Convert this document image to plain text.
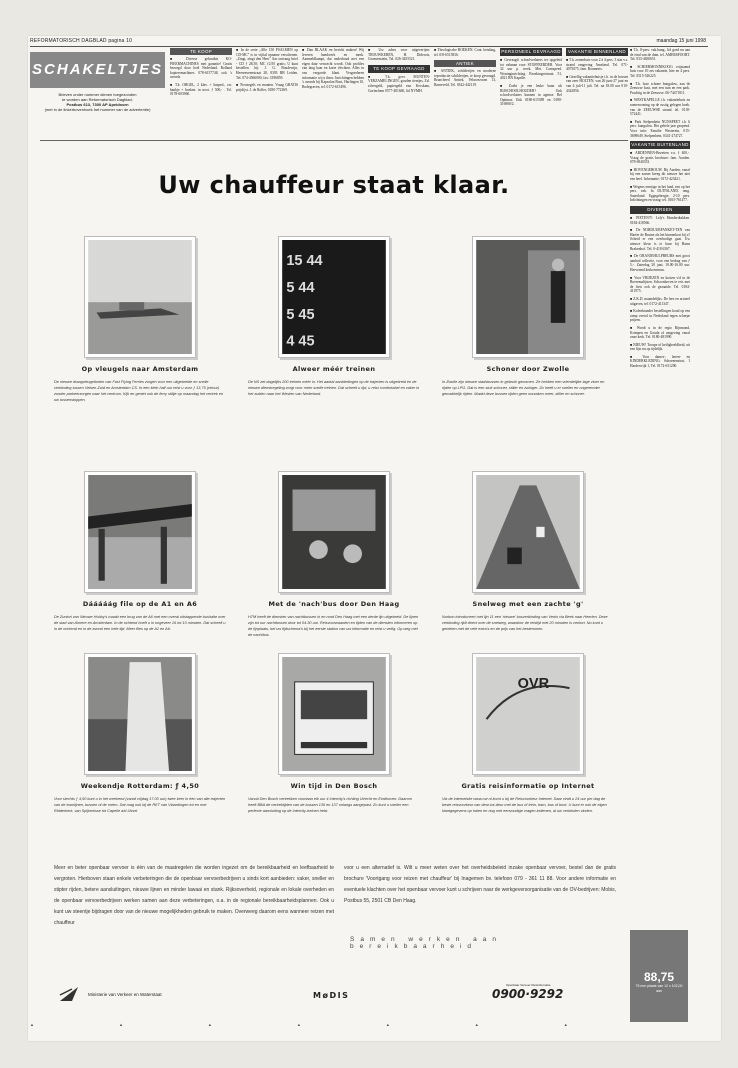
REFORMATORISCH DAGBLAD pagina 10	maandag 15 juni 1998
SCHAKELTJES
Brieven onder nummer dienen toegezonden
te worden aan Reformatorisch Dagblad,
Postbus 613, 7300 AP Apeldoorn
(met in de linkerbovenhoek het nummer van de advertentie)
TE KOOP
■ Diverse gebruikte KO-PIEERMACHINES met garantie! Gratis bezorgd door heel Nederland. Rolland kopieermachines. 078-6157748, ook 's avonds.
■ T.k. ORGEL, 2 klav. + basped., zw. bankje + boeken. in noot. ƒ 500,- . Tel. 0178-603960.
■ In de serie „Alle 150 PSALMEN op CD-MC" is in vijftal opname verschenen. „Zingt, zingt den Heer" Aar ontvang brief - CD ƒ 28,50; MC ƒ2,95 gratis; U kunt bestellen bij: J. G. Boudewijn, Heerenveenstraat 28, 8393 RB Leiden. Tel. 074-4566000, fax: 3196859.
■ Postzegels en munten. Vraag GRATIS prijslijst. J. de Roller, 0180-772369.
■ Dan BLAAK en bericht maken! Wij leveren handwerk en merk. Aanmeldkampt, dat onderhoud met een eigen daar verwacht wordt. Ook profiles van lang haar en korte vlechten. Alles in ons vergoede klant. Vergoederen informatie wij u theor. Inrichtingen hebben 's avonds bij Kapsalon Boot, Harlingen 10, Bodegraven, tel. 0172-615496.
■ Uw adres voor uitgeverijen: TROUWKEREN, H. Diderots, Groenenstein, Tel. 026-3455521.
TE KOOP GEVRAAGD
■ T.k. gevr. MUNTEN-VERZAMELINGEN, gouden tientjes, Zsl. zilvergeld, papiergeld enz. Kecskam, Gorinchem 0577-401660, lid NVMH.
■ Theologische BOEKEN. Cont. betaling, tel. 0/8-6515836.
ANTIEK
■ ANTIEK, schilderijen en moderne reproductie schilderijen, te koop gevraagd. Bruncheed Antiek, Veluwezoom 13, Barneveld, Tel. 0342-442119.
PERSONEEL GEVRAAGD
■ Gevraagd: schoolverlaters ter opgeleid tot vakman voor STOFFEERDER. Voor 32 uur p. week. Met. Comspeed. Woninginrichting Broekingsestraat 51, 4021 BN Kapelle.
■ Zoekt je een leuke baan als RIJSCHOOLHOUDER? Ook schoolverlaters kunnen in agenoe. Bel Optimax Uitk 0180-615389 en 0180-316980/2.
VAKANTIE BINNENLAND
■ T.h. zomerhuis voor 2 à 4 pers. 3 stin v.s. strand omgeving Ameland. Tel. 071-4075075, fam. Roumerts.
■ Gezellig vakantiehuisje t.h. in de bossen van zeer HOLTEN, van 26 juni-27 juni en van 4 juli-11 juli. Tel. na 18.00 uur 010-4342856.
■ T.h. 8-pers. vak.bung., lid goed nu aan de eind van de duin. tel. AMERSFOORT. Tel. 033-4650651.
■ SCHIERMONNIKOOG vrijstaand huis voor 10 zes vakantie, hier en 4 pers. Tel. 0515-526225.
■ T.h. luxe schone bungalow, aan de Zeeuwse kust, met een tuin en een park. Prachtig in de Zeeuwse. 06-74471811.
■ WESTKAPELLE t.h. vakantiehuis en zomerwoning op de rustig gelegen hoek. van de ZEEUWSE strand. tel. 0118-572441.
■ Park Stelpenhein NUNSPEET t.h. 6 pers. bungalow. Het gehele jaar geopend. Voor info: Familie Westerein, 015-3698649, Stelpenhein, 0341-274727.
VAKANTIE BUITENLAND
■ ARDENNEN-Bezetten v.a. ƒ 400,-. Vraag de gratis brochure: fam. Aarden. 078-6940353.
■ BOVENGEBOUW. Bij Aarden, vanaf bij een zomer kreeg dit nieuwe het niet een heel. Informatie: 0172-423421.
■ Wegens ernstige in het land, een op het pers. vak. In DUITSLAND, omg. Sauerland. Eggegebergte, 2-10 pers. Inlichtingen en vraag: tel. 0165-761477.
DIVERSEN
■ PIETEN!!!: Lely's Honderdtakken. 0184-418566.
■ De NORDUURFANKET-TEN van Harfer de Bruine als het binnenkort bij u? Scheid er een overbodige gaat. Uw nieuwe kleur is te huur bij Harm Brakenhof. Tel. 0-418 6567.
■ De ORANJEHULPBEURS met groot aanbod collectie, voor een bedrag van ƒ 5,-. Zaterdag 20 juni, 10.00-16.00 uur. Hervormd kerkcentrum.
■ Voor VRIJEZEN en kosten v/d in de Boeremalijsten. Schoonhoven te reis met de fiets ook de gezaaide. Tel. 0184-411975.
■ Z.K.D. maandelijks. De lees en actueel uitgaven, tel. 0172-411347.
■ Kolenbrander bestellingen koud op een ramp overal in Nederland tegen scherpe prijzen.
■ Wordt u in de regio Rijnmond, Krimpen en Gouda of omgeving vanaf onze kerk. Tel. 0180-481990.
■ NIEUW! Troupe of heiligbeeldheid, uit een lijst nu op tijdelijk.
■ Voor dames-, heren- en KINDERKLEDING: Schoenenstrat, 1 Harderwijk 1, Tel. 0172-631200.
88,75
75 mm plaats van 12 x 102,00 aan
Uw chauffeur staat klaar.
Op vleugels naar Amsterdam
De nieuwe draagvleugelboten van Fast Flying Ferries zorgen voor een uitgebreide en snelle verbinding tussen Velsen-Zuid en Amsterdam CS. In een klein half uur reist u voor ƒ 13,75 (retour) zonder parkeerzorgen naar het centrum. Kijk en geniet ook de ferry stiltje op maandag het vertrek en uw tussenstoppen.
15 44
5 44
5 45
4 45
Alweer méér treinen
De NS zet dagelijks 200 treinen méér in. Het aantal aanbiedingen op de trajecten is uitgebreid en de nieuwe dienstregeling zorgt voor meer snelle treinen. Dat scheelt u tijd, u reist comfortabel en vaker in het zuiden naar het Westen van Nederland.
Schoner door Zwolle
In Zwolle zijn nieuwe stadsbussen in gebruik genomen. Ze hebben een vriendelijke lage vloer en rijden op LPG. Dat is een stuk schoner, stiller en zuiniger. Zo heeft u er sneller en ongeremder gemakkelijk rijden. Maakt deze bussen rijden geen oorzaken meer, stiller en schoner.
Dááááág file op de A1 en A6
De Zuntori van Nieuwe Hobby's maakt een brug van de A6 met een overal uitstappende bushalte over de stad van Almere en Amsterdam. In de ochtend hoeft u in ongeveer 16 tot 10 minuten. Dat scheelt u in de ochtend en in de avond een hele tijd. Meer files op de A1 en A6.
Met de 'nach'bus door Den Haag
HTM heeft de diensten van nachtbussen in en rond Den Haag met een derde lijn uitgebreid. De lijnen zijn tot uur nachttussen door tot 04.30 uur. Reisvoorwaarden en tijden van de diensten informeren op de lijnplaats, bel uw tijdschema's bij het eerste station van uw informatie en reist u veilig. Op weg met de nachtbus.
Snelweg met een zachte 'g'
Nurbon introduceert met lijn 11 een 'nieuwe' busverbinding van Venlo via Beek naar Heerlen. Deze verbinding rijdt direct over de snelweg, waardoor de reistijd met 20 minuten is verkort. Nu kunt u genieten met de vele extra's en de prijs van het bestemmen.
Weekendje Rotterdam: ƒ 4,50
Voor slechts ƒ 4,50 kunt u in het weekend (vanaf vrijdag 17.00 uur) twee keer in één van alle trajecten van de tramlijnen, bussen of de metro. Dat mag ook bij de RET van Vlaardingen tot en met Ridderkerk, van Spijkenisse tot Capelle a/d IJssel.
Win tijd in Den Bosch
Vanuit Den Bosch vertrekken voortaan elk uur 4 Intercity's richting Utrecht en Eindhoven. Daarom heeft BBA de vertrektijden van de bussen 136 en 137 onlangs aangepast. Zo kunt u sneller een perfecte aansluiting op de Intercity-treinen hebt.
OVR
Gratis reisinformatie op Internet
Via de internetsite www.ovr.nl komt u bij de Reisvoorkeur Internet. Daar vindt u 24 uur per dag de beste reisvoorkeur van deur-tot-deur met de bus of trein, tram, bus of boot. U kunt er ook de eigen klantgegevens op halen en nog met eenvoudige vragen indienen, al uw verbinden vinden.
Meer en beter openbaar vervoer is één van de maatregelen die worden ingezet om de bereikbaarheid en leefbaarheid te vergroten. Hierboven staan enkele verbeteringen die de openbaar vervoerbedrijven u sinds kort aanbieden: vaker, sneller en stipter rijden, betere aansluitingen, nieuwe lijnen en minder lawaai en stank. Rijksoverheid, regionale en lokale overheden en de openbaar vervoerbedrijven werken samen aan deze verbeteringen, o.a. in de regionale bereikbaarheidsplannen. Ook u kunt uw steentje bijdragen door van de nieuwe mogelijkheden gebruik te maken. Overweeg daarom eens wanneer reizen met chauffeur
voor u een alternatief is. Wilt u meer weten over het overheidsbeleid inzake openbaar vervoer, bestel dan de gratis brochure 'Voortgang voor reizen met chauffeur' bij Inagemen bv. telefoon 079 - 361 11 88. Voor andere informatie en eventuele klachten over het openbaar vervoer kunt u schrijven naar de werkgeversorganisatie van de OV-bedrijven: Mobis, Postbus 55, 2501 CB Den Haag.
Samen werken aan bereikbaarheid
Ministerie van Verkeer en Waterstaat	MøDIS
Openbaar Vervoer Reisinformatie
0900·9292
▲▲▲▲▲▲▲
